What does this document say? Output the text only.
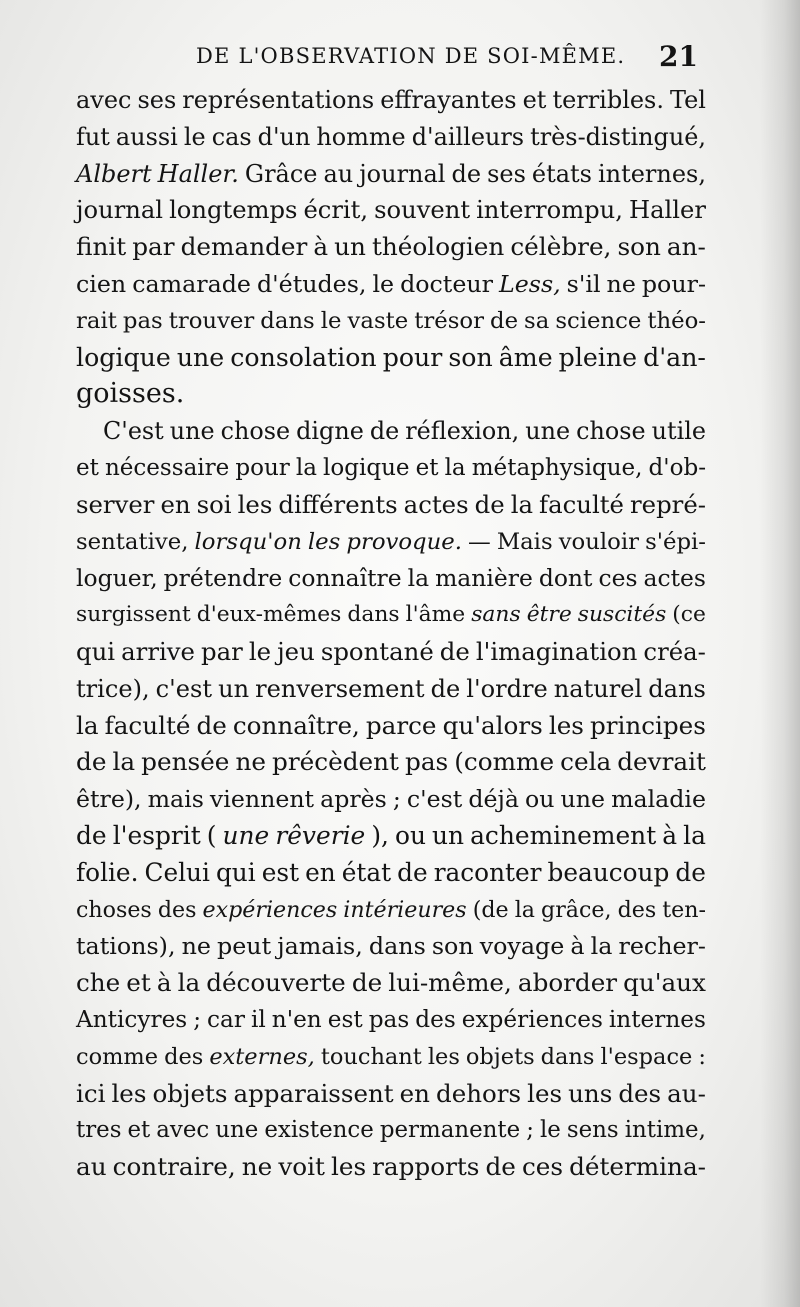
DE L'OBSERVATION DE SOI-MÊME. 21
avec ses représentations effrayantes et terribles. Tel
fut aussi le cas d'un homme d'ailleurs très-distingué,
Albert Haller. Grâce au journal de ses états internes,
journal longtemps écrit, souvent interrompu, Haller
finit par demander à un théologien célèbre, son an-
cien camarade d'études, le docteur Less, s'il ne pour-
rait pas trouver dans le vaste trésor de sa science théo-
logique une consolation pour son âme pleine d'an-
goisses.
C'est une chose digne de réflexion, une chose utile
et nécessaire pour la logique et la métaphysique, d'ob-
server en soi les différents actes de la faculté repré-
sentative, lorsqu'on les provoque. — Mais vouloir s'épi-
loguer, prétendre connaître la manière dont ces actes
surgissent d'eux-mêmes dans l'âme sans être suscités (ce
qui arrive par le jeu spontané de l'imagination créa-
trice), c'est un renversement de l'ordre naturel dans
la faculté de connaître, parce qu'alors les principes
de la pensée ne précèdent pas (comme cela devrait
être), mais viennent après ; c'est déjà ou une maladie
de l'esprit ( une rêverie ), ou un acheminement à la
folie. Celui qui est en état de raconter beaucoup de
choses des expériences intérieures (de la grâce, des ten-
tations), ne peut jamais, dans son voyage à la recher-
che et à la découverte de lui-même, aborder qu'aux
Anticyres ; car il n'en est pas des expériences internes
comme des externes, touchant les objets dans l'espace :
ici les objets apparaissent en dehors les uns des au-
tres et avec une existence permanente ; le sens intime,
au contraire, ne voit les rapports de ces détermina-
